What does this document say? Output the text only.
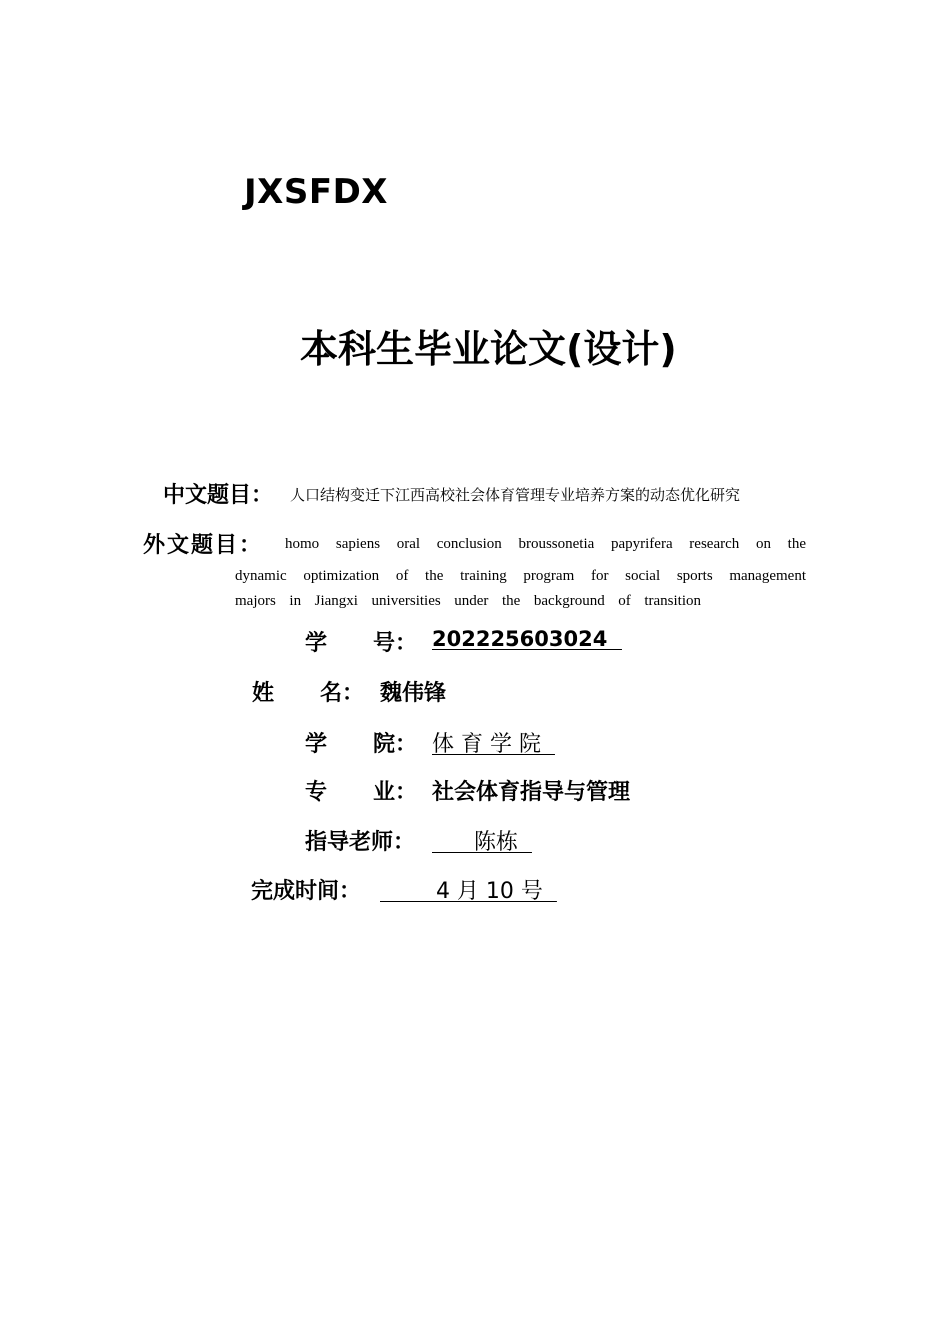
JXSFDX
本科生毕业论文(设计)
中文题目： 人口结构变迁下江西高校社会体育管理专业培养方案的动态优化研究
外文题目： homo sapiens oral conclusion broussonetia papyrifera research on the
dynamic optimization of the training program for social sports management
majors in Jiangxi universities under the background of transition
学      号： 202225603024
姓      名： 魏伟锋
学      院： 体 育 学 院
专      业： 社会体育指导与管理
指导老师： 陈栋
完成时间： 4 月 10 号
